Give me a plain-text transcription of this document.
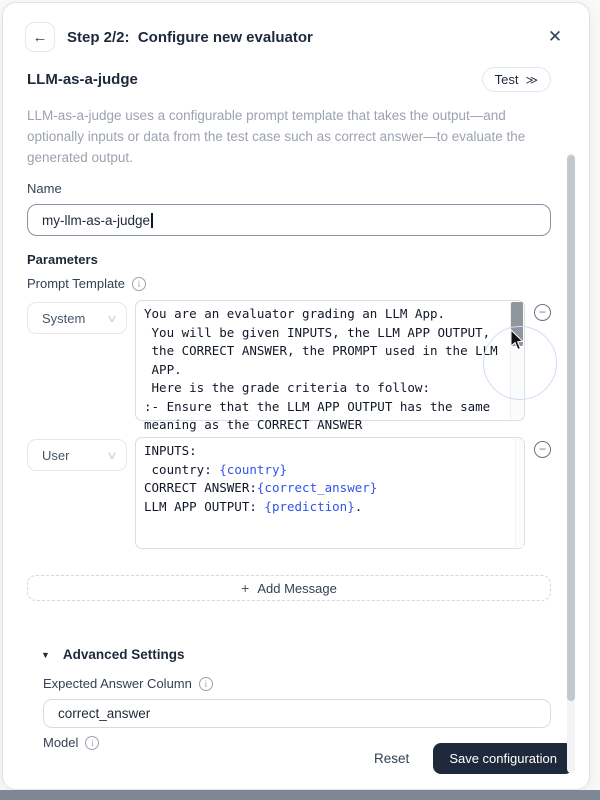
← Step 2/2:  Configure new evaluator	✕
LLM-as-a-judge	Test ≫

LLM-as-a-judge uses a configurable prompt template that takes the output—and optionally inputs or data from the test case such as correct answer—to evaluate the generated output.

Name
my-llm-as-a-judge
Parameters
Prompt Template	i
System ∨ You are an evaluator grading an LLM App.
You will be given INPUTS, the LLM APP OUTPUT,
the CORRECT ANSWER, the PROMPT used in the LLM
APP.
Here is the grade criteria to follow:
:- Ensure that the LLM APP OUTPUT has the same
meaning as the CORRECT ANSWER
−
User	∨ INPUTS:
country: {country}
CORRECT ANSWER:{correct_answer}
LLM APP OUTPUT: {prediction}.
−
+ Add Message
▼ Advanced Settings
Expected Answer Column	i
correct_answer
Model	i
Reset	Save configuration
